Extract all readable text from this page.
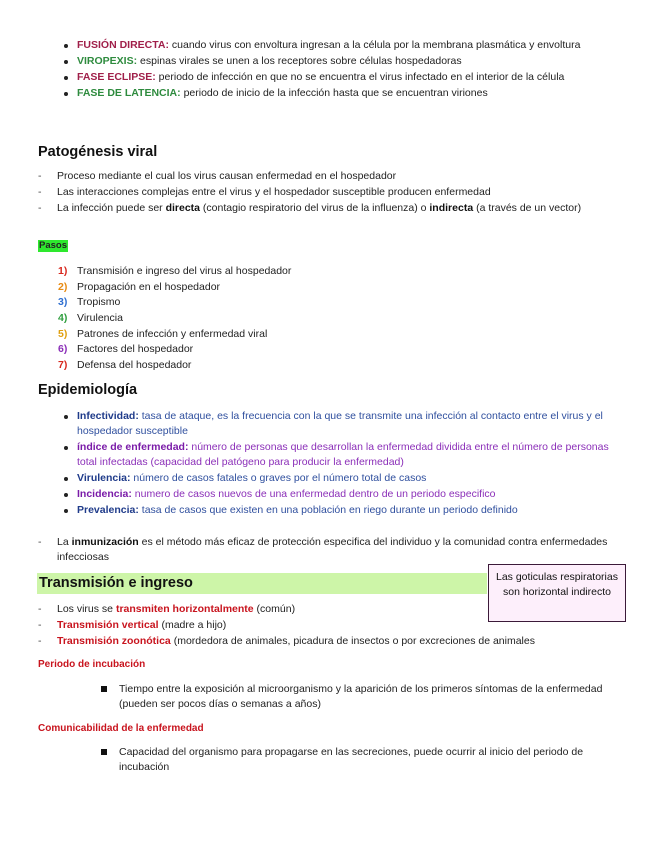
FUSIÓN DIRECTA: cuando virus con envoltura ingresan a la célula por la membrana plasmática y envoltura
VIROPEXIS: espinas virales se unen a los receptores sobre células hospedadoras
FASE ECLIPSE: periodo de infección en que no se encuentra el virus infectado en el interior de la célula
FASE DE LATENCIA: periodo de inicio de la infección hasta que se encuentran viriones
Patogénesis viral
- Proceso mediante el cual los virus causan enfermedad en el hospedador
- Las interacciones complejas entre el virus y el hospedador susceptible producen enfermedad
- La infección puede ser directa (contagio respiratorio del virus de la influenza) o indirecta (a través de un vector)
Pasos
1) Transmisión e ingreso del virus al hospedador
2) Propagación en el hospedador
3) Tropismo
4) Virulencia
5) Patrones de infección y enfermedad viral
6) Factores del hospedador
7) Defensa del hospedador
Epidemiología
Infectividad: tasa de ataque, es la frecuencia con la que se transmite una infección al contacto entre el virus y el hospedador susceptible
índice de enfermedad: número de personas que desarrollan la enfermedad dividida entre el número de personas total infectadas (capacidad del patógeno para producir la enfermedad)
Virulencia: número de casos fatales o graves por el número total de casos
Incidencia: numero de casos nuevos de una enfermedad dentro de un periodo especifico
Prevalencia: tasa de casos que existen en una población en riego durante un periodo definido
- La inmunización es el método más eficaz de protección especifica del individuo y la comunidad contra enfermedades infecciosas
Transmisión e ingreso	Las goticulas respiratorias son horizontal indirecto
- Los virus se transmiten horizontalmente (común)
- Transmisión vertical (madre a hijo)
- Transmisión zoonótica (mordedora de animales, picadura de insectos o por excreciones de animales
Periodo de incubación
Tiempo entre la exposición al microorganismo y la aparición de los primeros síntomas de la enfermedad (pueden ser pocos días o semanas a años)
Comunicabilidad de la enfermedad
Capacidad del organismo para propagarse en las secreciones, puede ocurrir al inicio del periodo de incubación
